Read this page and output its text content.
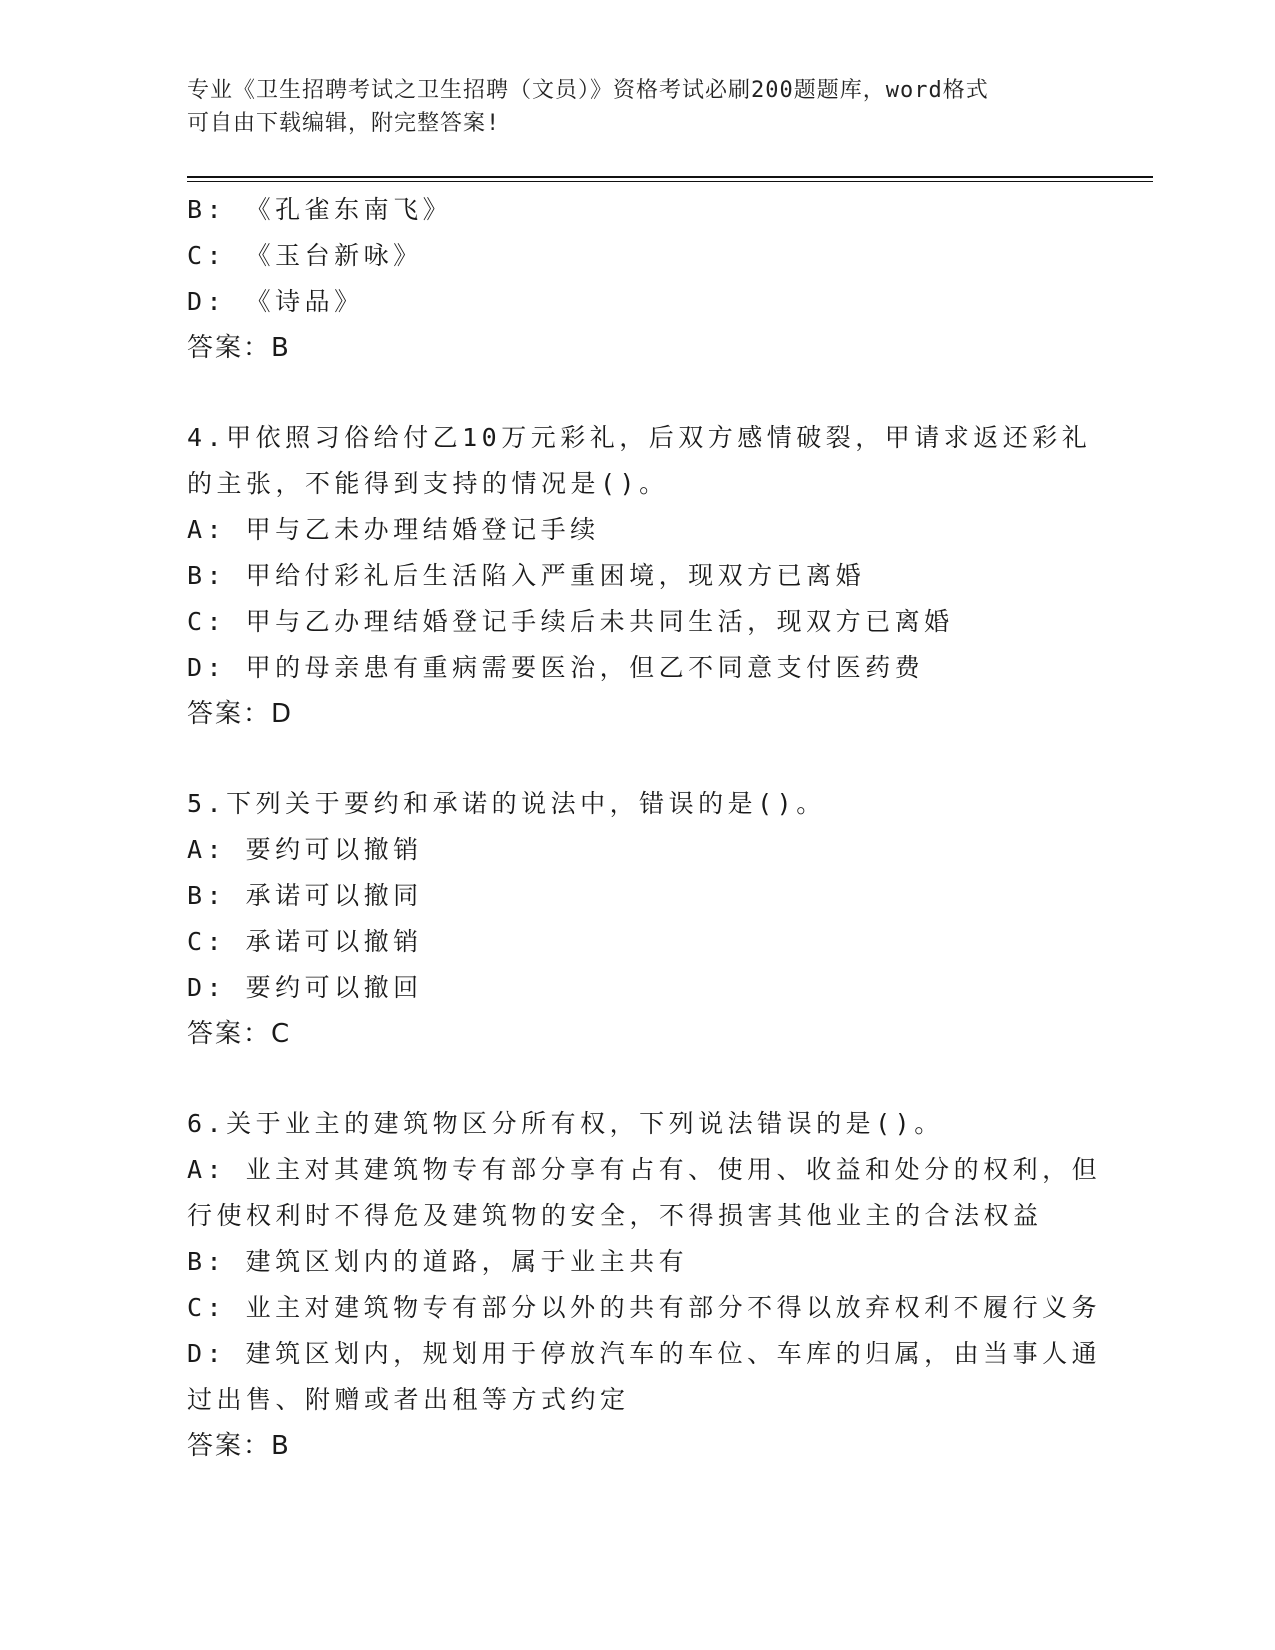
专业《卫生招聘考试之卫生招聘（文员）》资格考试必刷200题题库，word格式
可自由下载编辑，附完整答案!
B: 《孔雀东南飞》
C: 《玉台新咏》
D: 《诗品》
答案：B
4.甲依照习俗给付乙10万元彩礼，后双方感情破裂，甲请求返还彩礼
的主张，不能得到支持的情况是()。
A: 甲与乙未办理结婚登记手续
B: 甲给付彩礼后生活陷入严重困境，现双方已离婚
C: 甲与乙办理结婚登记手续后未共同生活，现双方已离婚
D: 甲的母亲患有重病需要医治，但乙不同意支付医药费
答案：D
5.下列关于要约和承诺的说法中，错误的是()。
A: 要约可以撤销
B: 承诺可以撤同
C: 承诺可以撤销
D: 要约可以撤回
答案：C
6.关于业主的建筑物区分所有权，下列说法错误的是()。
A: 业主对其建筑物专有部分享有占有、使用、收益和处分的权利，但
行使权利时不得危及建筑物的安全，不得损害其他业主的合法权益
B: 建筑区划内的道路，属于业主共有
C: 业主对建筑物专有部分以外的共有部分不得以放弃权利不履行义务
D: 建筑区划内，规划用于停放汽车的车位、车库的归属，由当事人通
过出售、附赠或者出租等方式约定
答案：B
